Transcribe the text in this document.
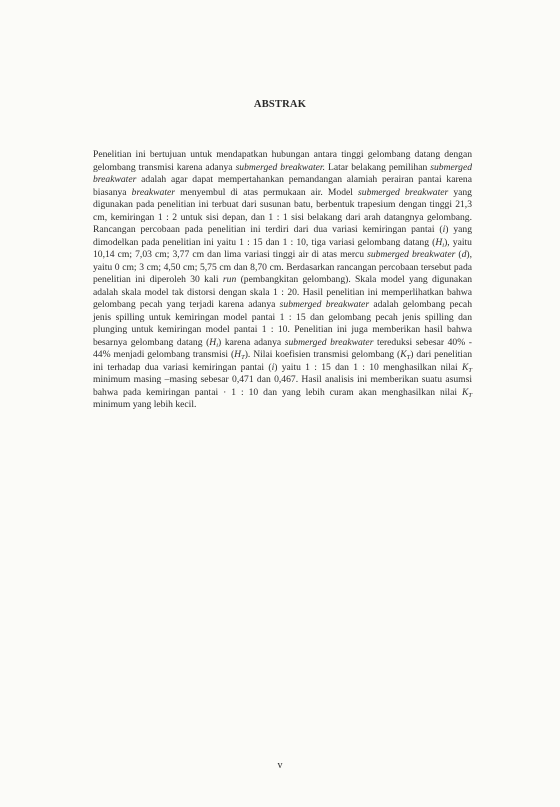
ABSTRAK

Penelitian ini bertujuan untuk mendapatkan hubungan antara tinggi gelombang datang dengan gelombang transmisi karena adanya submerged breakwater. Latar belakang pemilihan submerged breakwater adalah agar dapat mempertahankan pemandangan alamiah perairan pantai karena biasanya breakwater menyembul di atas permukaan air. Model submerged breakwater yang digunakan pada penelitian ini terbuat dari susunan batu, berbentuk trapesium dengan tinggi 21,3 cm, kemiringan 1 : 2 untuk sisi depan, dan 1 : 1 sisi belakang dari arah datangnya gelombang. Rancangan percobaan pada penelitian ini terdiri dari dua variasi kemiringan pantai (i) yang dimodelkan pada penelitian ini yaitu 1 : 15 dan 1 : 10, tiga variasi gelombang datang $(H_i)$, yaitu 10,14 cm; 7,03 cm; 3,77 cm dan lima variasi tinggi air di atas mercu submerged breakwater (d), yaitu 0 cm; 3 cm; 4,50 cm; 5,75 cm dan 8,70 cm. Berdasarkan rancangan percobaan tersebut pada penelitian ini diperoleh 30 kali run (pembangkitan gelombang). Skala model yang digunakan adalah skala model tak distorsi dengan skala 1 : 20. Hasil penelitian ini memperlihatkan bahwa gelombang pecah yang terjadi karena adanya submerged breakwater adalah gelombang pecah jenis spilling untuk kemiringan model pantai 1 : 15 dan gelombang pecah jenis spilling dan plunging untuk kemiringan model pantai 1 : 10. Penelitian ini juga memberikan hasil bahwa besarnya gelombang datang $(H_i)$ karena adanya submerged breakwater tereduksi sebesar 40% - 44% menjadi gelombang transmisi $(H_T)$. Nilai koefisien transmisi gelombang $(K_T)$ dari penelitian ini terhadap dua variasi kemiringan pantai (i) yaitu 1 : 15 dan 1 : 10 menghasilkan nilai $K_T$ minimum masing –masing sebesar 0,471 dan 0,467. Hasil analisis ini memberikan suatu asumsi bahwa pada kemiringan pantai · 1 : 10 dan yang lebih curam akan menghasilkan nilai $K_T$ minimum yang lebih kecil.

v
